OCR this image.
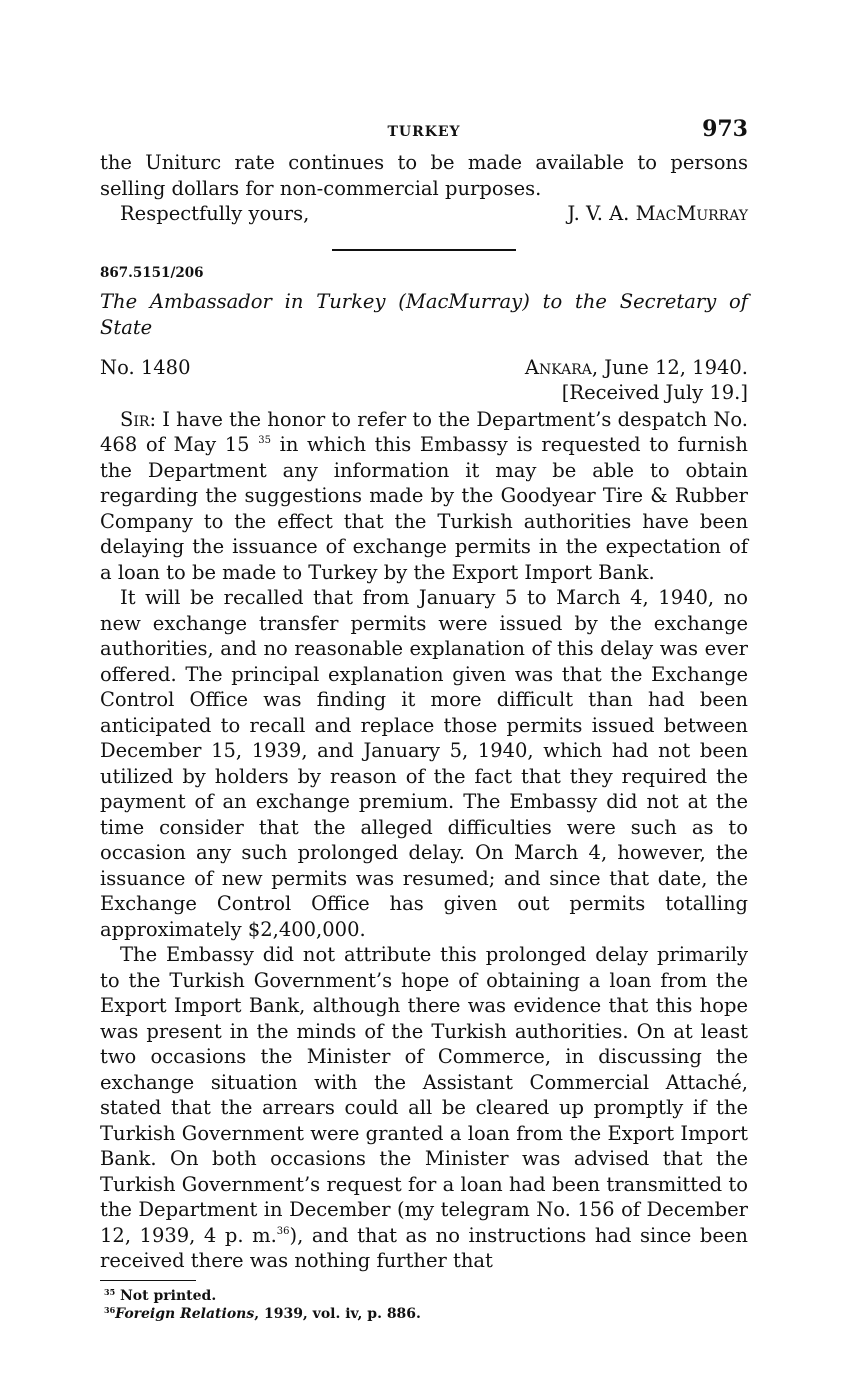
TURKEY	973

the Uniturc rate continues to be made available to persons selling dollars for non-commercial purposes.

Respectfully yours,	J. V. A. MacMurray
867.5151/206
The Ambassador in Turkey (MacMurray) to the Secretary of State
No. 1480	Ankara, June 12, 1940.
[Received July 19.]

Sir: I have the honor to refer to the Department’s despatch No. 468 of May 15 $^{35}$ in which this Embassy is requested to furnish the Department any information it may be able to obtain regarding the suggestions made by the Goodyear Tire & Rubber Company to the effect that the Turkish authorities have been delaying the issuance of exchange permits in the expectation of a loan to be made to Turkey by the Export Import Bank.

It will be recalled that from January 5 to March 4, 1940, no new exchange transfer permits were issued by the exchange authorities, and no reasonable explanation of this delay was ever offered. The principal explanation given was that the Exchange Control Office was finding it more difficult than had been anticipated to recall and replace those permits issued between December 15, 1939, and January 5, 1940, which had not been utilized by holders by reason of the fact that they required the payment of an exchange premium. The Embassy did not at the time consider that the alleged difficulties were such as to occasion any such prolonged delay. On March 4, however, the issuance of new permits was resumed; and since that date, the Exchange Control Office has given out permits totalling approximately $2,400,000.

The Embassy did not attribute this prolonged delay primarily to the Turkish Government’s hope of obtaining a loan from the Export Import Bank, although there was evidence that this hope was present in the minds of the Turkish authorities. On at least two occasions the Minister of Commerce, in discussing the exchange situation with the Assistant Commercial Attaché, stated that the arrears could all be cleared up promptly if the Turkish Government were granted a loan from the Export Import Bank. On both occasions the Minister was advised that the Turkish Government’s request for a loan had been transmitted to the Department in December (my telegram No. 156 of December 12, 1939, 4 p. m.$^{36}$), and that as no instructions had since been received there was nothing further that

$^{35}$ Not printed.
$^{36}$Foreign Relations, 1939, vol. iv, p. 886.
